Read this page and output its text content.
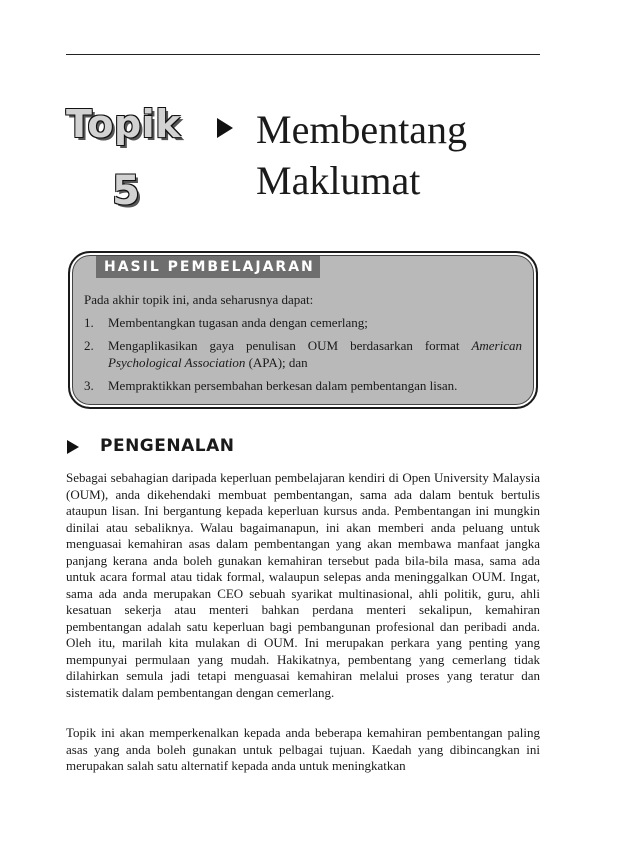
Topik
5
Membentang Maklumat
HASIL PEMBELAJARAN
Pada akhir topik ini, anda seharusnya dapat:
1. Membentangkan tugasan anda dengan cemerlang;
2. Mengaplikasikan gaya penulisan OUM berdasarkan format American Psychological Association (APA); dan
3. Mempraktikkan persembahan berkesan dalam pembentangan lisan.
PENGENALAN

Sebagai sebahagian daripada keperluan pembelajaran kendiri di Open University Malaysia (OUM), anda dikehendaki membuat pembentangan, sama ada dalam bentuk bertulis ataupun lisan. Ini bergantung kepada keperluan kursus anda. Pembentangan ini mungkin dinilai atau sebaliknya. Walau bagaimanapun, ini akan memberi anda peluang untuk menguasai kemahiran asas dalam pembentangan yang akan membawa manfaat jangka panjang kerana anda boleh gunakan kemahiran tersebut pada bila-bila masa, sama ada untuk acara formal atau tidak formal, walaupun selepas anda meninggalkan OUM. Ingat, sama ada anda merupakan CEO sebuah syarikat multinasional, ahli politik, guru, ahli kesatuan sekerja atau menteri bahkan perdana menteri sekalipun, kemahiran pembentangan adalah satu keperluan bagi pembangunan profesional dan peribadi anda. Oleh itu, marilah kita mulakan di OUM. Ini merupakan perkara yang penting yang mempunyai permulaan yang mudah. Hakikatnya, pembentang yang cemerlang tidak dilahirkan semula jadi tetapi menguasai kemahiran melalui proses yang teratur dan sistematik dalam pembentangan dengan cemerlang.

Topik ini akan memperkenalkan kepada anda beberapa kemahiran pembentangan paling asas yang anda boleh gunakan untuk pelbagai tujuan. Kaedah yang dibincangkan ini merupakan salah satu alternatif kepada anda untuk meningkatkan
